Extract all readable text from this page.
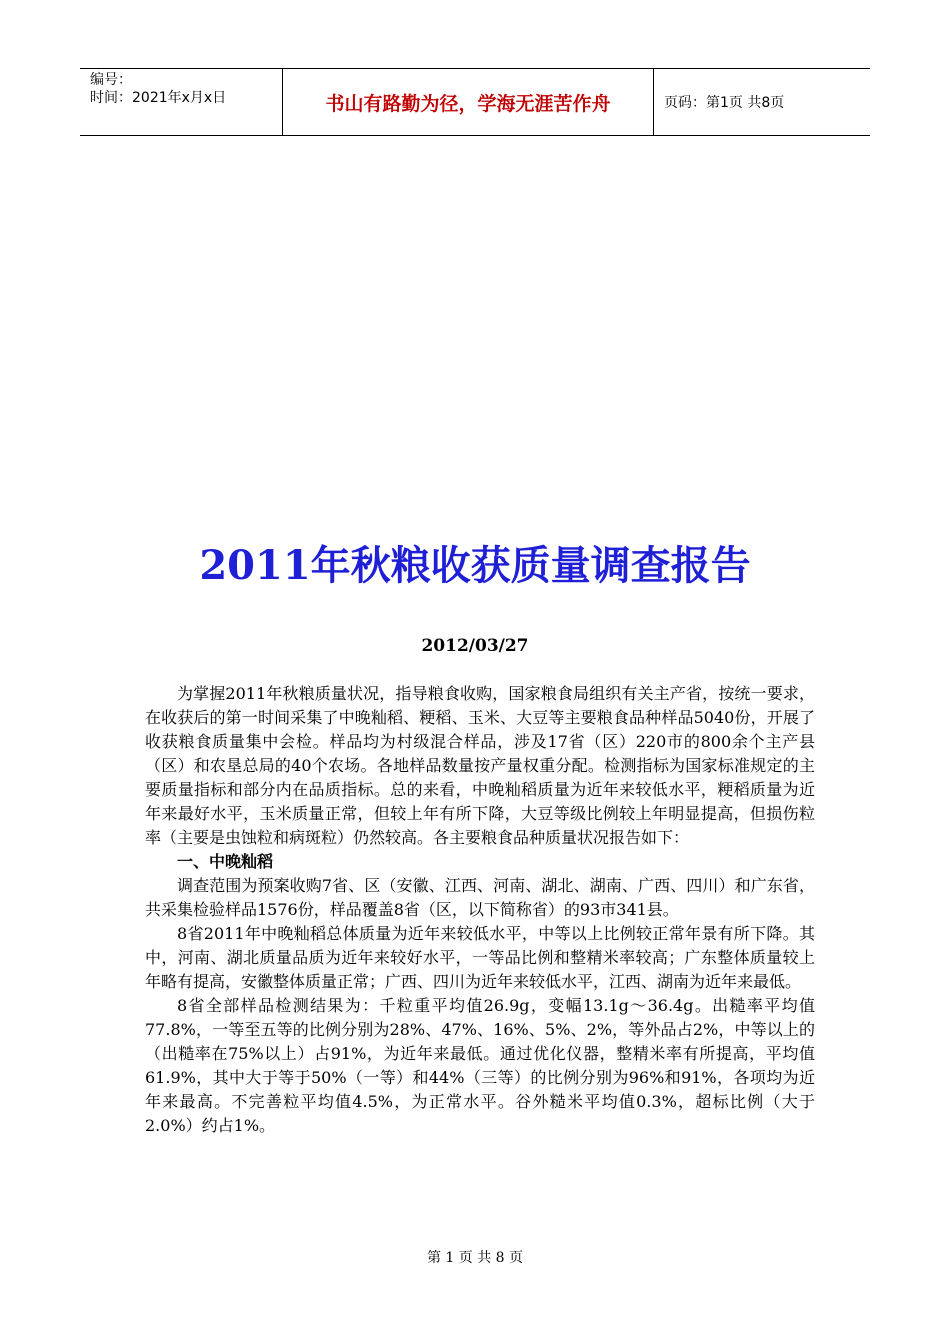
编号：
时间：2021年x月x日	书山有路勤为径，学海无涯苦作舟	页码：第1页 共8页
2011年秋粮收获质量调查报告
2012/03/27

为掌握2011年秋粮质量状况，指导粮食收购，国家粮食局组织有关主产省，按统一要求，在收获后的第一时间采集了中晚籼稻、粳稻、玉米、大豆等主要粮食品种样品5040份，开展了收获粮食质量集中会检。样品均为村级混合样品，涉及17省（区）220市的800余个主产县（区）和农垦总局的40个农场。各地样品数量按产量权重分配。检测指标为国家标准规定的主要质量指标和部分内在品质指标。总的来看，中晚籼稻质量为近年来较低水平，粳稻质量为近年来最好水平，玉米质量正常，但较上年有所下降，大豆等级比例较上年明显提高，但损伤粒率（主要是虫蚀粒和病斑粒）仍然较高。各主要粮食品种质量状况报告如下：

一、中晚籼稻

调查范围为预案收购7省、区（安徽、江西、河南、湖北、湖南、广西、四川）和广东省，共采集检验样品1576份，样品覆盖8省（区，以下简称省）的93市341县。

8省2011年中晚籼稻总体质量为近年来较低水平，中等以上比例较正常年景有所下降。其中，河南、湖北质量品质为近年来较好水平，一等品比例和整精米率较高；广东整体质量较上年略有提高，安徽整体质量正常；广西、四川为近年来较低水平，江西、湖南为近年来最低。

8省全部样品检测结果为：千粒重平均值26.9g，变幅13.1g～36.4g。出糙率平均值77.8%，一等至五等的比例分别为28%、47%、16%、5%、2%，等外品占2%，中等以上的（出糙率在75%以上）占91%，为近年来最低。通过优化仪器，整精米率有所提高，平均值61.9%，其中大于等于50%（一等）和44%（三等）的比例分别为96%和91%，各项均为近年来最高。不完善粒平均值4.5%，为正常水平。谷外糙米平均值0.3%，超标比例（大于2.0%）约占1%。

第 1 页 共 8 页
